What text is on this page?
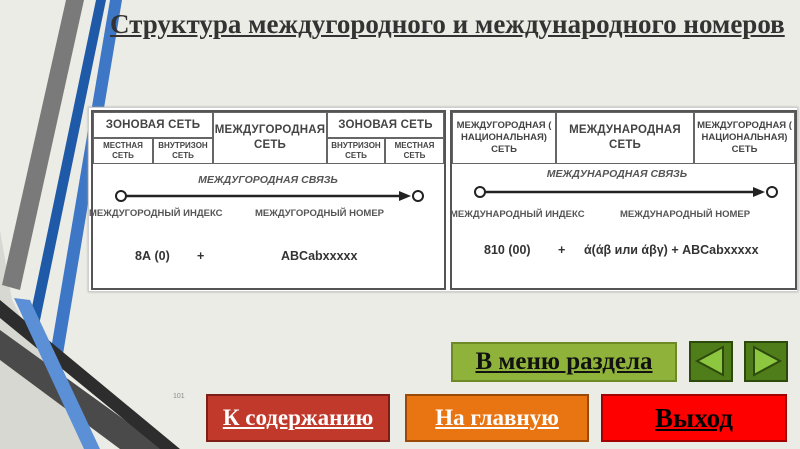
Структура междугородного и международного номеров
ЗОНОВАЯ СЕТЬ
МЕСТНАЯ СЕТЬ
ВНУТРИЗОН СЕТЬ
МЕЖДУГОРОДНАЯ СЕТЬ
ЗОНОВАЯ СЕТЬ
ВНУТРИЗОН СЕТЬ
МЕСТНАЯ СЕТЬ
МЕЖДУГОРОДНАЯ СВЯЗЬ
МЕЖДУГОРОДНЫЙ ИНДЕКС	МЕЖДУГОРОДНЫЙ НОМЕР
8А (0) +	ABCabxxxxx
МЕЖДУГОРОДНАЯ ( НАЦИОНАЛЬНАЯ) СЕТЬ
МЕЖДУНАРОДНАЯ СЕТЬ
МЕЖДУГОРОДНАЯ ( НАЦИОНАЛЬНАЯ) СЕТЬ
МЕЖДУНАРОДНАЯ СВЯЗЬ
МЕЖДУНАРОДНЫЙ ИНДЕКС	МЕЖДУНАРОДНЫЙ НОМЕР
810 (00) + ά(άβ или άβγ) + ABCabxxxxx
В меню раздела
101
К содержанию	На главную	Выход
